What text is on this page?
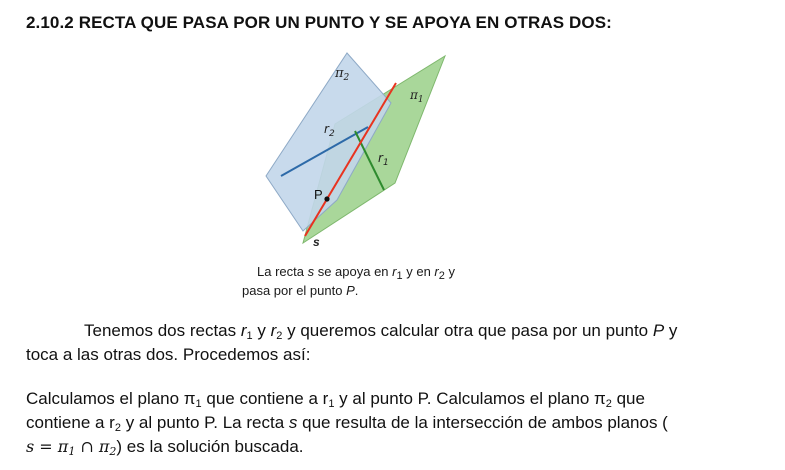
2.10.2 RECTA QUE PASA POR UN PUNTO Y SE APOYA EN OTRAS DOS:
$\pi_2$
$\pi_1$
$r_2$
$r_1$
P
s
La recta s se apoya en $r_1$ y en $r_2$ y
pasa por el punto P.
Tenemos dos rectas $r_1$ y $r_2$ y queremos calcular otra que pasa por un punto P y
toca a las otras dos. Procedemos así:
Calculamos el plano $\pi_1$ que contiene a $r_1$ y al punto P. Calculamos el plano $\pi_2$ que
contiene a $r_2$ y al punto P. La recta s que resulta de la intersección de ambos planos (
$s = \pi_1$ ∩ $\pi_2$) es la solución buscada.
